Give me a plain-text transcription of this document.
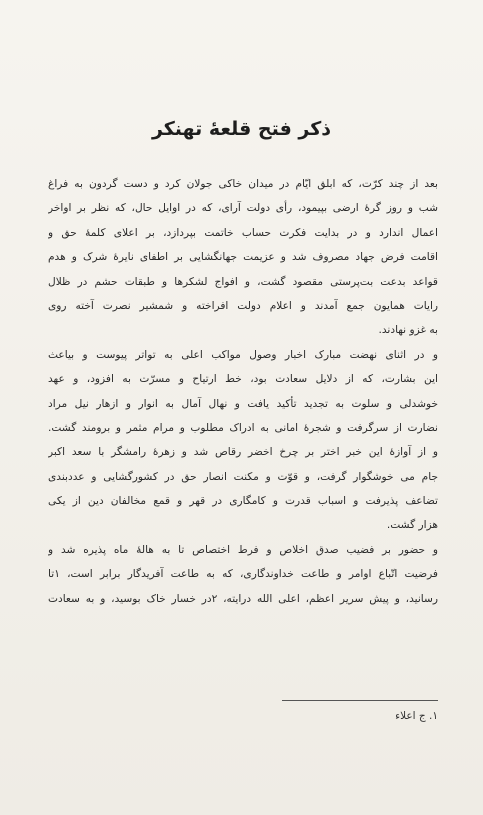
ذکر فتح قلعهٔ تهنکر
بعد از چند کرّت، که ابلق ایّام در میدان خاکی جولان کرد و دست گردون به فراغ
شب و روز گرهٔ ارضی بپیمود، رأی دولت آرای، که در اوایل حال، که نظر بر اواخر
اعمال اندارد و در بدایت فکرت حساب خاتمت بپردازد، بر اعلای کلمهٔ حق و
اقامت فرض جهاد مصروف شد و عزیمت جهانگشایی بر اطفای نایرهٔ شرک و هدم
قواعد بدعت بت‌پرستی مقصود گشت، و افواج لشکرها و طبقات حشم در ظلال
رایات همایون جمع آمدند و اعلام دولت افراخته و شمشیر نصرت آخته روی
به غزو نهادند.
و در اثنای نهضت مبارک اخبار وصول مواکب اعلی به تواتر پیوست و بیاعث
این بشارت، که از دلایل سعادت بود، خط ارتیاح و مسرّت به افزود، و عهد
خوشدلی و سلوت به تجدید تأکید یافت و نهال آمال به انوار و ازهار نیل مراد
نضارت از سرگرفت و شجرهٔ امانی به ادراک مطلوب و مرام مثمر و برومند گشت.
و از آوازهٔ این خبر اختر بر چرخ اخضر رقاص شد و زهرهٔ رامشگر با سعد اکبر
جام می خوشگوار گرفت، و قوّت و مکنت انصار حق در کشورگشایی و عدد‌بندی
تضاعف پذیرفت و اسباب قدرت و کامگاری در قهر و قمع مخالفان دین از یکی
هزار گشت.
و حضور بر فضیب صدق اخلاص و فرط اختصاص تا به هالهٔ ماه پذیره شد و
فرضیت اتّباع اوامر و طاعت خداوندگاری، که به طاعت آفریدگار برابر است، ۱تا
رسانید، و پیش سریر اعظم، اعلی الله درایته، ۲در خسار خاک بوسید، و به سعادت
۱. ج اعلاء
